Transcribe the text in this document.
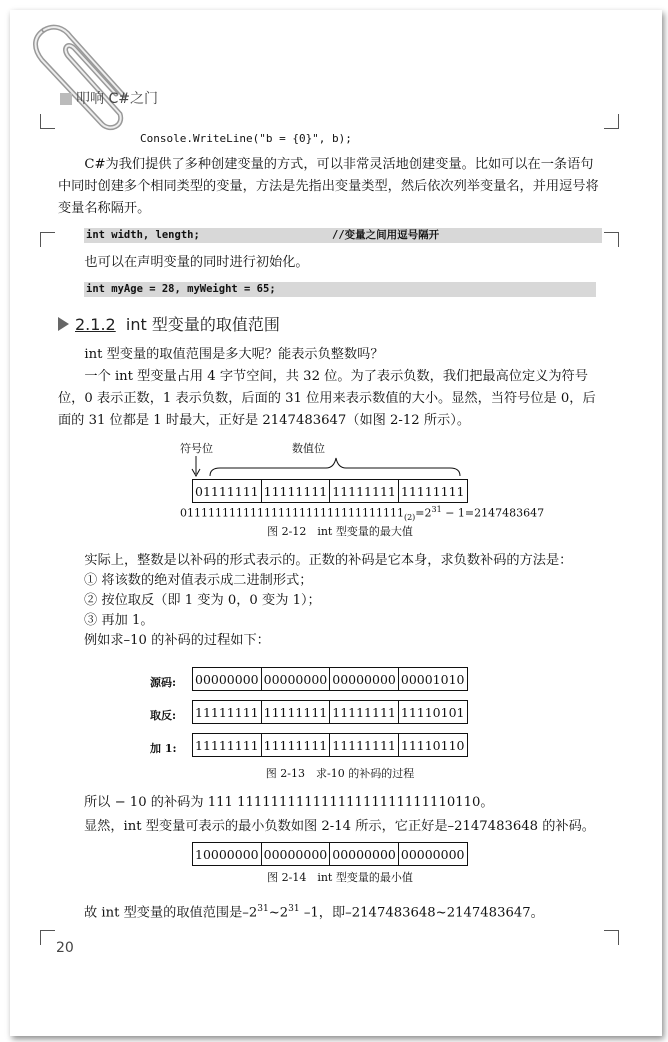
叩响 C#之门
Console.WriteLine("b = {0}", b);
C#为我们提供了多种创建变量的方式，可以非常灵活地创建变量。比如可以在一条语句中同时创建多个相同类型的变量，方法是先指出变量类型，然后依次列举变量名，并用逗号将变量名称隔开。
int width, length;	//变量之间用逗号隔开
也可以在声明变量的同时进行初始化。
int myAge = 28, myWeight = 65;
2.1.2 int 型变量的取值范围
int 型变量的取值范围是多大呢？能表示负整数吗？
一个 int 型变量占用 4 字节空间，共 32 位。为了表示负数，我们把最高位定义为符号位，0 表示正数，1 表示负数，后面的 31 位用来表示数值的大小。显然，当符号位是 0，后面的 31 位都是 1 时最大，正好是 2147483647（如图 2-12 所示）。
符号位	数值位
01111111 11111111 11111111 11111111
$01111111111111111111111111111111_{(2)}=2^{31} - 1=2147483647$
图 2-12　int 型变量的最大值
实际上，整数是以补码的形式表示的。正数的补码是它本身，求负数补码的方法是：
① 将该数的绝对值表示成二进制形式；
② 按位取反（即 1 变为 0，0 变为 1）；
③ 再加 1。
例如求–10 的补码的过程如下：
源码: 00000000 00000000 00000000 00001010
取反: 11111111 11111111 11111111 11110101
加 1: 11111111 11111111 11111111 11110110
图 2-13　求-10 的补码的过程
所以 − 10 的补码为 111 11111111111111111111111110110。
显然，int 型变量可表示的最小负数如图 2-14 所示，它正好是–2147483648 的补码。
10000000 00000000 00000000 00000000
图 2-14　int 型变量的最小值
故 int 型变量的取值范围是$-2^{31}\sim 2^{31}$ –1，即–2147483648~2147483647。
20
